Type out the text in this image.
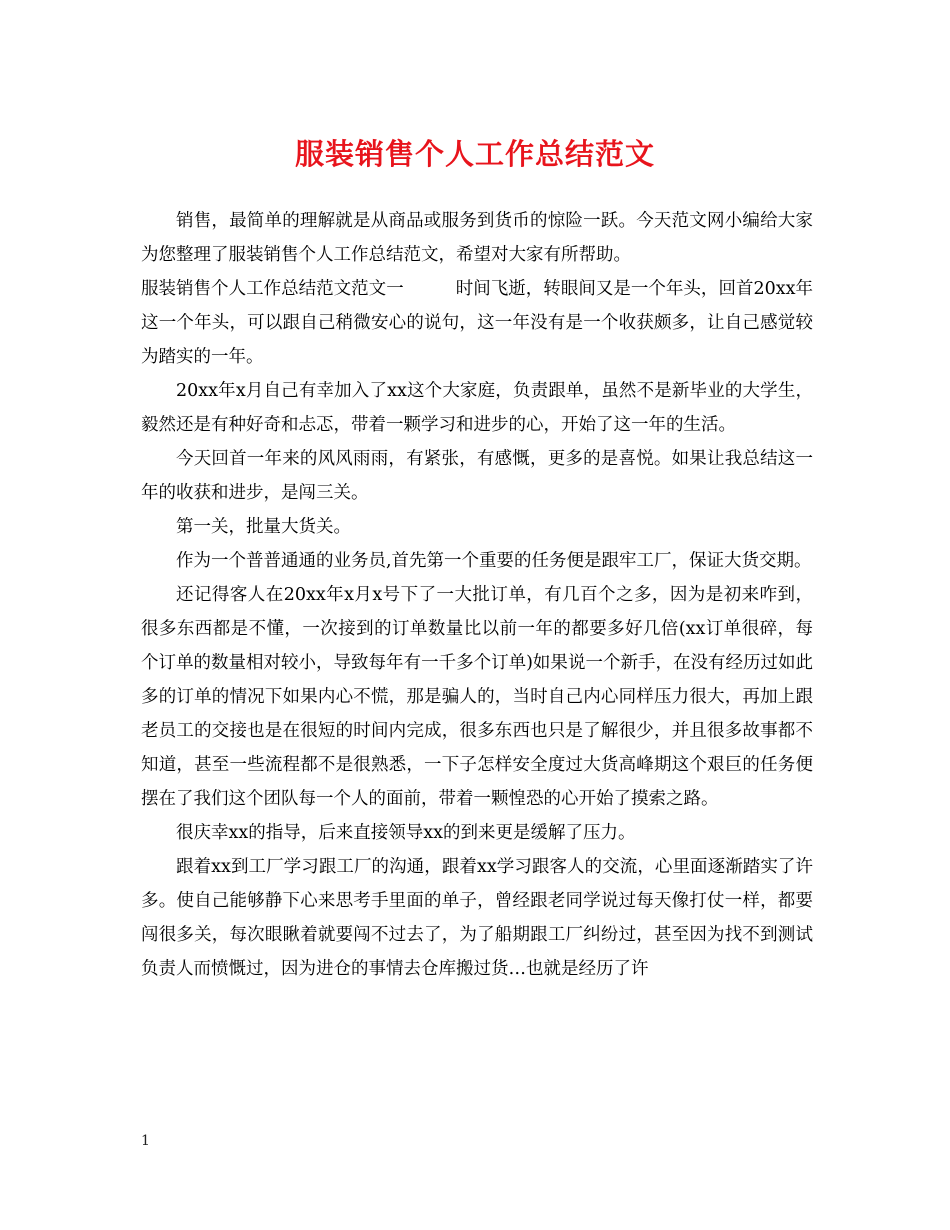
服装销售个人工作总结范文

销售，最简单的理解就是从商品或服务到货币的惊险一跃。今天范文网小编给大家为您整理了服装销售个人工作总结范文，希望对大家有所帮助。

服装销售个人工作总结范文范文一	时间飞逝，转眼间又是一个年头，回首20xx年这一个年头，可以跟自己稍微安心的说句，这一年没有是一个收获颇多，让自己感觉较为踏实的一年。

20xx年x月自己有幸加入了xx这个大家庭，负责跟单，虽然不是新毕业的大学生，毅然还是有种好奇和忐忑，带着一颗学习和进步的心，开始了这一年的生活。

今天回首一年来的风风雨雨，有紧张，有感慨，更多的是喜悦。如果让我总结这一年的收获和进步，是闯三关。

第一关，批量大货关。

作为一个普普通通的业务员,首先第一个重要的任务便是跟牢工厂，保证大货交期。

还记得客人在20xx年x月x号下了一大批订单，有几百个之多，因为是初来咋到，很多东西都是不懂，一次接到的订单数量比以前一年的都要多好几倍(xx订单很碎，每个订单的数量相对较小，导致每年有一千多个订单)如果说一个新手，在没有经历过如此多的订单的情况下如果内心不慌，那是骗人的，当时自己内心同样压力很大，再加上跟老员工的交接也是在很短的时间内完成，很多东西也只是了解很少，并且很多故事都不知道，甚至一些流程都不是很熟悉，一下子怎样安全度过大货高峰期这个艰巨的任务便摆在了我们这个团队每一个人的面前，带着一颗惶恐的心开始了摸索之路。

很庆幸xx的指导，后来直接领导xx的到来更是缓解了压力。

跟着xx到工厂学习跟工厂的沟通，跟着xx学习跟客人的交流，心里面逐渐踏实了许多。使自己能够静下心来思考手里面的单子，曾经跟老同学说过每天像打仗一样，都要闯很多关，每次眼瞅着就要闯不过去了，为了船期跟工厂纠纷过，甚至因为找不到测试负责人而愤慨过，因为进仓的事情去仓库搬过货…也就是经历了许

1
